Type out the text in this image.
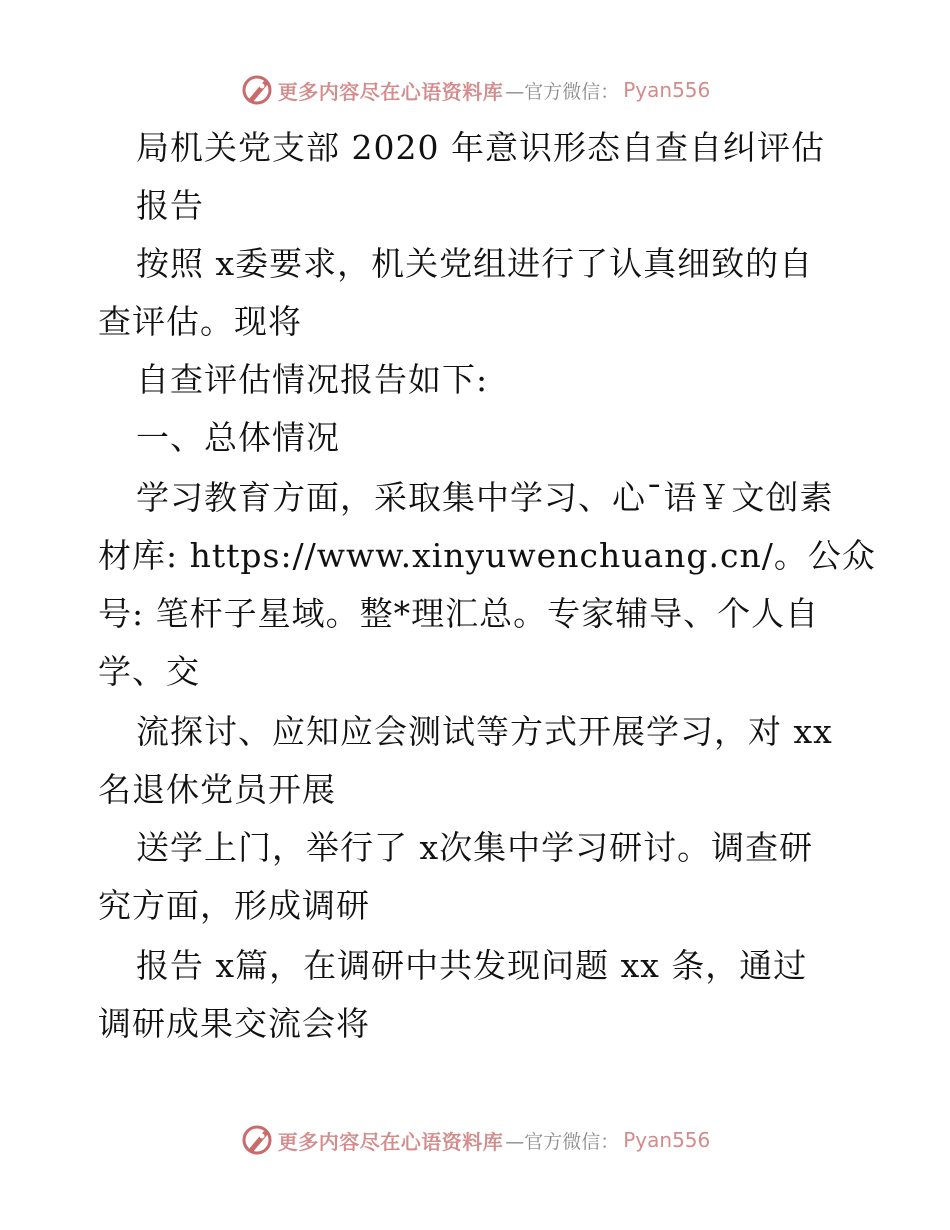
更多内容尽在心语资料库 —官方微信： Pyan556
局机关党支部 2020 年意识形态自查自纠评估
报告
按照 x委要求，机关党组进行了认真细致的自
查评估。现将
自查评估情况报告如下:
一、总体情况
学习教育方面，采取集中学习、心¯语￥文创素
材库: https://www.xinyuwenchuang.cn/。公众
号: 笔杆子星域。整*理汇总。专家辅导、个人自
学、交
流探讨、应知应会测试等方式开展学习，对 xx
名退休党员开展
送学上门，举行了 x次集中学习研讨。调查研
究方面，形成调研
报告 x篇，在调研中共发现问题 xx 条，通过
调研成果交流会将
更多内容尽在心语资料库 —官方微信： Pyan556
